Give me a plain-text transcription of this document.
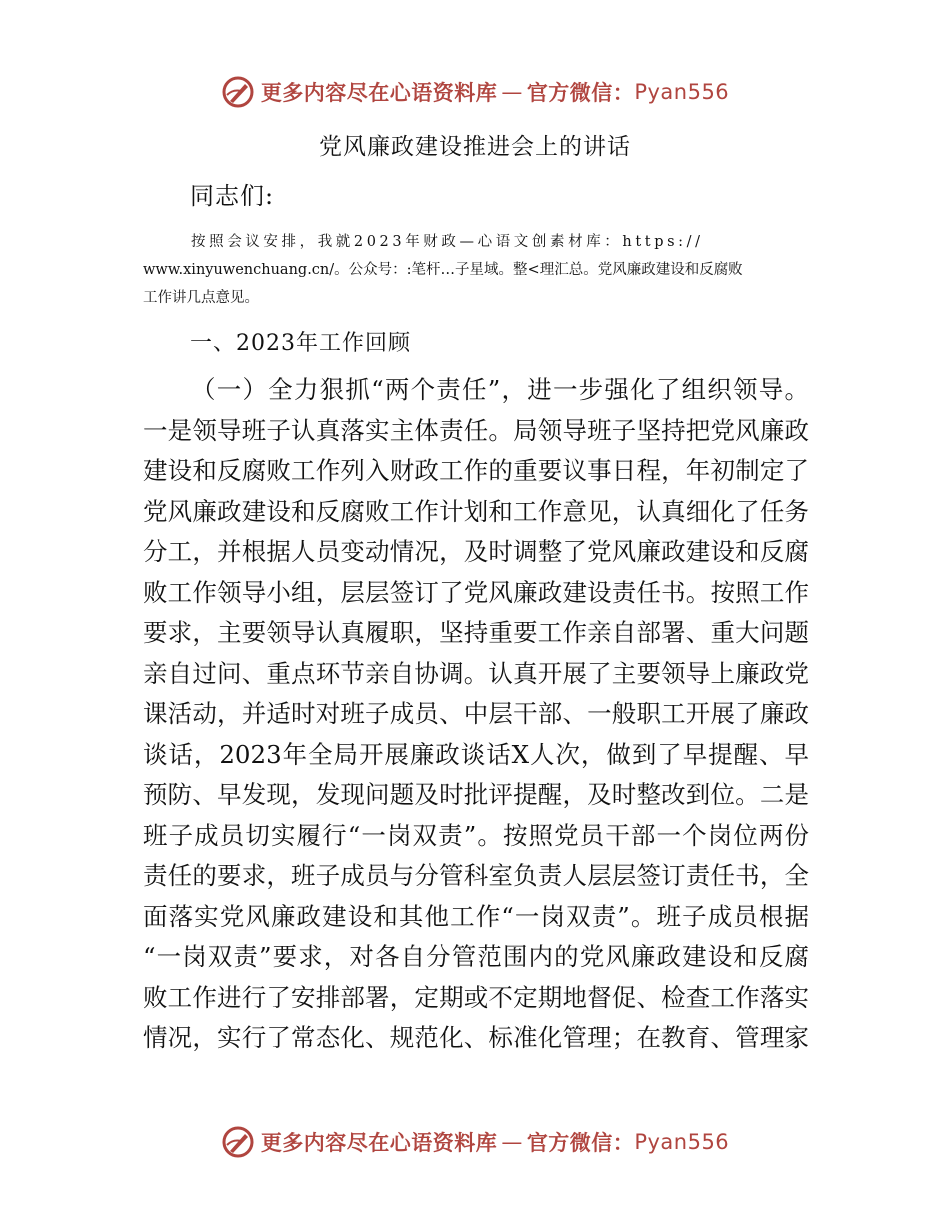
更多内容尽在心语资料库 — 官方微信： Pyan556
党风廉政建设推进会上的讲话
同志们:
按照会议安排，我就2023年财政—心语文创素材库：https://
www.xinyuwenchuang.cn/。公众号：:笔杆…子星域。整<理汇总。党风廉政建设和反腐败
工作讲几点意见。
一、2023年工作回顾
（一）全力狠抓“两个责任”，进一步强化了组织领导。
一是领导班子认真落实主体责任。局领导班子坚持把党风廉政
建设和反腐败工作列入财政工作的重要议事日程，年初制定了
党风廉政建设和反腐败工作计划和工作意见，认真细化了任务
分工，并根据人员变动情况，及时调整了党风廉政建设和反腐
败工作领导小组，层层签订了党风廉政建设责任书。按照工作
要求，主要领导认真履职，坚持重要工作亲自部署、重大问题
亲自过问、重点环节亲自协调。认真开展了主要领导上廉政党
课活动，并适时对班子成员、中层干部、一般职工开展了廉政
谈话，2023年全局开展廉政谈话X人次，做到了早提醒、早
预防、早发现，发现问题及时批评提醒，及时整改到位。二是
班子成员切实履行“一岗双责”。按照党员干部一个岗位两份
责任的要求，班子成员与分管科室负责人层层签订责任书，全
面落实党风廉政建设和其他工作“一岗双责”。班子成员根据
“一岗双责”要求，对各自分管范围内的党风廉政建设和反腐
败工作进行了安排部署，定期或不定期地督促、检查工作落实
情况，实行了常态化、规范化、标准化管理；在教育、管理家
更多内容尽在心语资料库 — 官方微信： Pyan556
